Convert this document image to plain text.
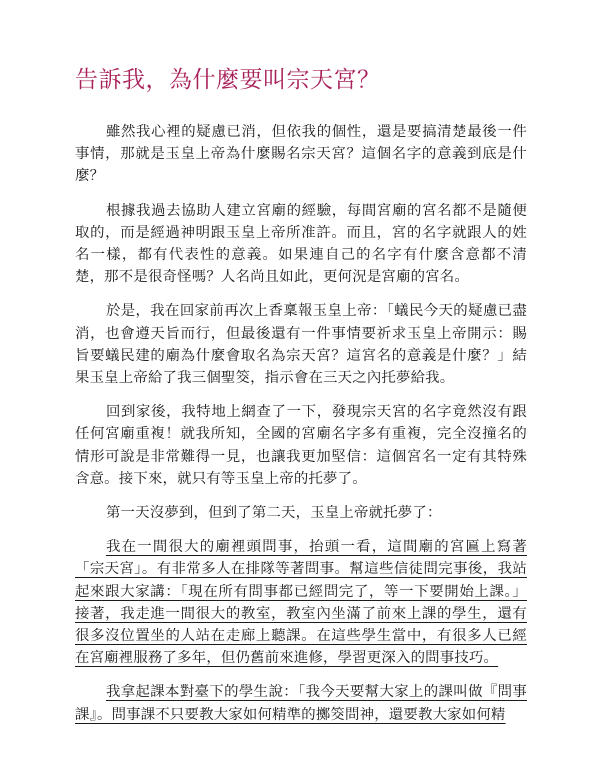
告訴我，為什麼要叫宗天宮？

雖然我心裡的疑慮已消，但依我的個性，還是要搞清楚最後一件事情，那就是玉皇上帝為什麼賜名宗天宮？這個名字的意義到底是什麼？

根據我過去協助人建立宮廟的經驗，每間宮廟的宮名都不是隨便取的，而是經過神明跟玉皇上帝所准許。而且，宮的名字就跟人的姓名一樣，都有代表性的意義。如果連自己的名字有什麼含意都不清楚，那不是很奇怪嗎？人名尚且如此，更何況是宮廟的宮名。

於是，我在回家前再次上香稟報玉皇上帝：「蟻民今天的疑慮已盡消，也會遵天旨而行，但最後還有一件事情要祈求玉皇上帝開示：賜旨要蟻民建的廟為什麼會取名為宗天宮？這宮名的意義是什麼？」結果玉皇上帝給了我三個聖筊，指示會在三天之內托夢給我。

回到家後，我特地上網查了一下，發現宗天宮的名字竟然沒有跟任何宮廟重複！就我所知，全國的宮廟名字多有重複，完全沒撞名的情形可說是非常難得一見，也讓我更加堅信：這個宮名一定有其特殊含意。接下來，就只有等玉皇上帝的托夢了。

第一天沒夢到，但到了第二天，玉皇上帝就托夢了：

我在一間很大的廟裡頭問事，抬頭一看，這間廟的宮匾上寫著「宗天宮」。有非常多人在排隊等著問事。幫這些信徒問完事後，我站起來跟大家講：「現在所有問事都已經問完了，等一下要開始上課。」接著，我走進一間很大的教室，教室內坐滿了前來上課的學生，還有很多沒位置坐的人站在走廊上聽課。在這些學生當中，有很多人已經在宮廟裡服務了多年，但仍舊前來進修，學習更深入的問事技巧。

我拿起課本對臺下的學生說：「我今天要幫大家上的課叫做『問事課』。問事課不只要教大家如何精準的擲筊問神，還要教大家如何精
